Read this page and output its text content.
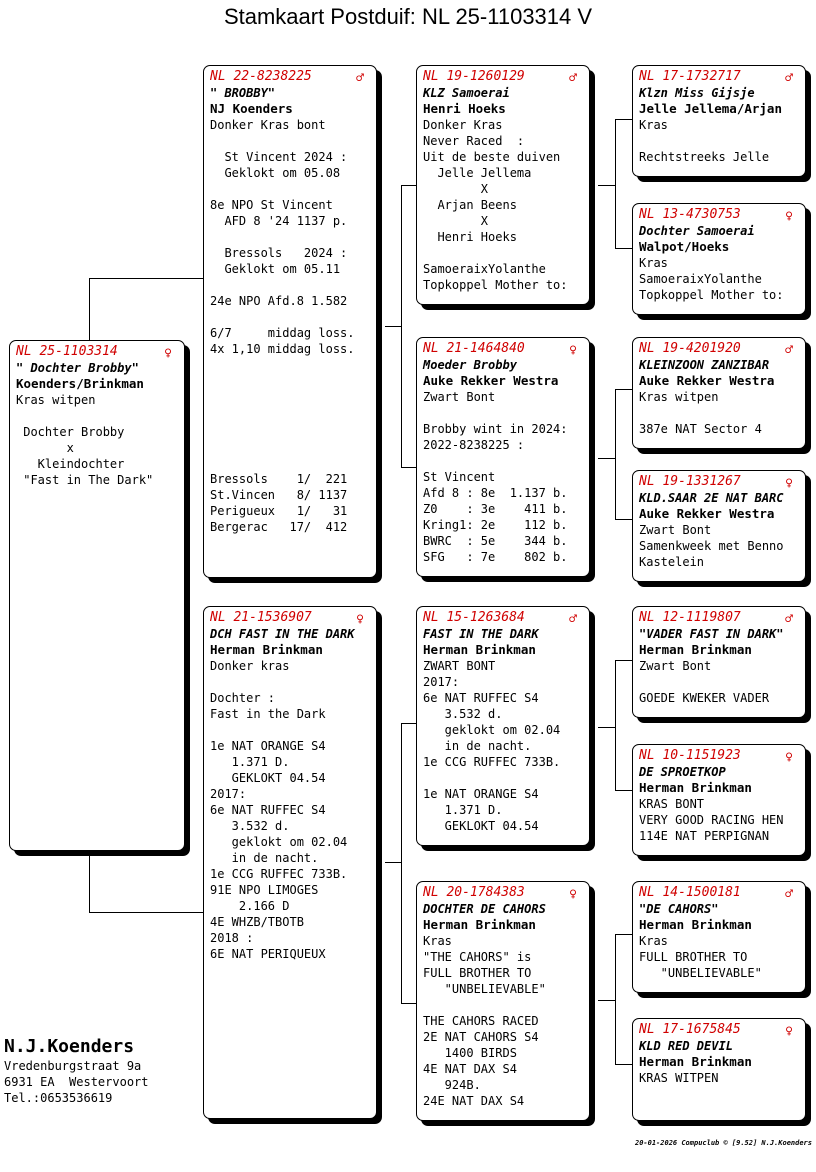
Stamkaart Postduif: NL 25-1103314 V
NL 25-1103314	♀
" Dochter Brobby"
Koenders/Brinkman
Kras witpen

Dochter Brobby
x
Kleindochter
"Fast in The Dark"
NL 22-8238225	♂
" BROBBY"
NJ Koenders
Donker Kras bont

St Vincent 2024 :
Geklokt om 05.08

8e NPO St Vincent
AFD 8 '24 1137 p.

Bressols   2024 :
Geklokt om 05.11

24e NPO Afd.8 1.582

6/7     middag loss.
4x 1,10 middag loss.
Bressols    1/  221
St.Vincen   8/ 1137
Perigueux   1/   31
Bergerac   17/  412
NL 21-1536907	♀
DCH FAST IN THE DARK
Herman Brinkman
Donker kras

Dochter :
Fast in the Dark

1e NAT ORANGE S4
1.371 D.
GEKLOKT 04.54
2017:
6e NAT RUFFEC S4
3.532 d.
geklokt om 02.04
in de nacht.
1e CCG RUFFEC 733B.
91E NPO LIMOGES
2.166 D
4E WHZB/TBOTB
2018 :
6E NAT PERIQUEUX
NL 19-1260129	♂
KLZ Samoerai
Henri Hoeks
Donker Kras
Never Raced  :
Uit de beste duiven
Jelle Jellema
X
Arjan Beens
X
Henri Hoeks

SamoeraixYolanthe
Topkoppel Mother to:
NL 21-1464840	♀
Moeder Brobby
Auke Rekker Westra
Zwart Bont

Brobby wint in 2024:
2022-8238225 :

St Vincent
Afd 8 : 8e  1.137 b.
Z0    : 3e    411 b.
Kring1: 2e    112 b.
BWRC  : 5e    344 b.
SFG   : 7e    802 b.
NL 15-1263684	♂
FAST IN THE DARK
Herman Brinkman
ZWART BONT
2017:
6e NAT RUFFEC S4
3.532 d.
geklokt om 02.04
in de nacht.
1e CCG RUFFEC 733B.

1e NAT ORANGE S4
1.371 D.
GEKLOKT 04.54
NL 20-1784383	♀
DOCHTER DE CAHORS
Herman Brinkman
Kras
"THE CAHORS" is
FULL BROTHER TO
"UNBELIEVABLE"

THE CAHORS RACED
2E NAT CAHORS S4
1400 BIRDS
4E NAT DAX S4
924B.
24E NAT DAX S4
NL 17-1732717	♂
Klzn Miss Gijsje
Jelle Jellema/Arjan
Kras

Rechtstreeks Jelle
NL 13-4730753	♀
Dochter Samoerai
Walpot/Hoeks
Kras
SamoeraixYolanthe
Topkoppel Mother to:
NL 19-4201920	♂
KLEINZOON ZANZIBAR
Auke Rekker Westra
Kras witpen

387e NAT Sector 4
NL 19-1331267	♀
KLD.SAAR 2E NAT BARC
Auke Rekker Westra
Zwart Bont
Samenkweek met Benno
Kastelein
NL 12-1119807	♂
"VADER FAST IN DARK"
Herman Brinkman
Zwart Bont

GOEDE KWEKER VADER
NL 10-1151923	♀
DE SPROETKOP
Herman Brinkman
KRAS BONT
VERY GOOD RACING HEN
114E NAT PERPIGNAN
NL 14-1500181	♂
"DE CAHORS"
Herman Brinkman
Kras
FULL BROTHER TO
"UNBELIEVABLE"
NL 17-1675845	♀
KLD RED DEVIL
Herman Brinkman
KRAS WITPEN
N.J.Koenders
Vredenburgstraat 9a
6931 EA  Westervoort
Tel.:0653536619
20-01-2026 Compuclub © [9.52] N.J.Koenders
